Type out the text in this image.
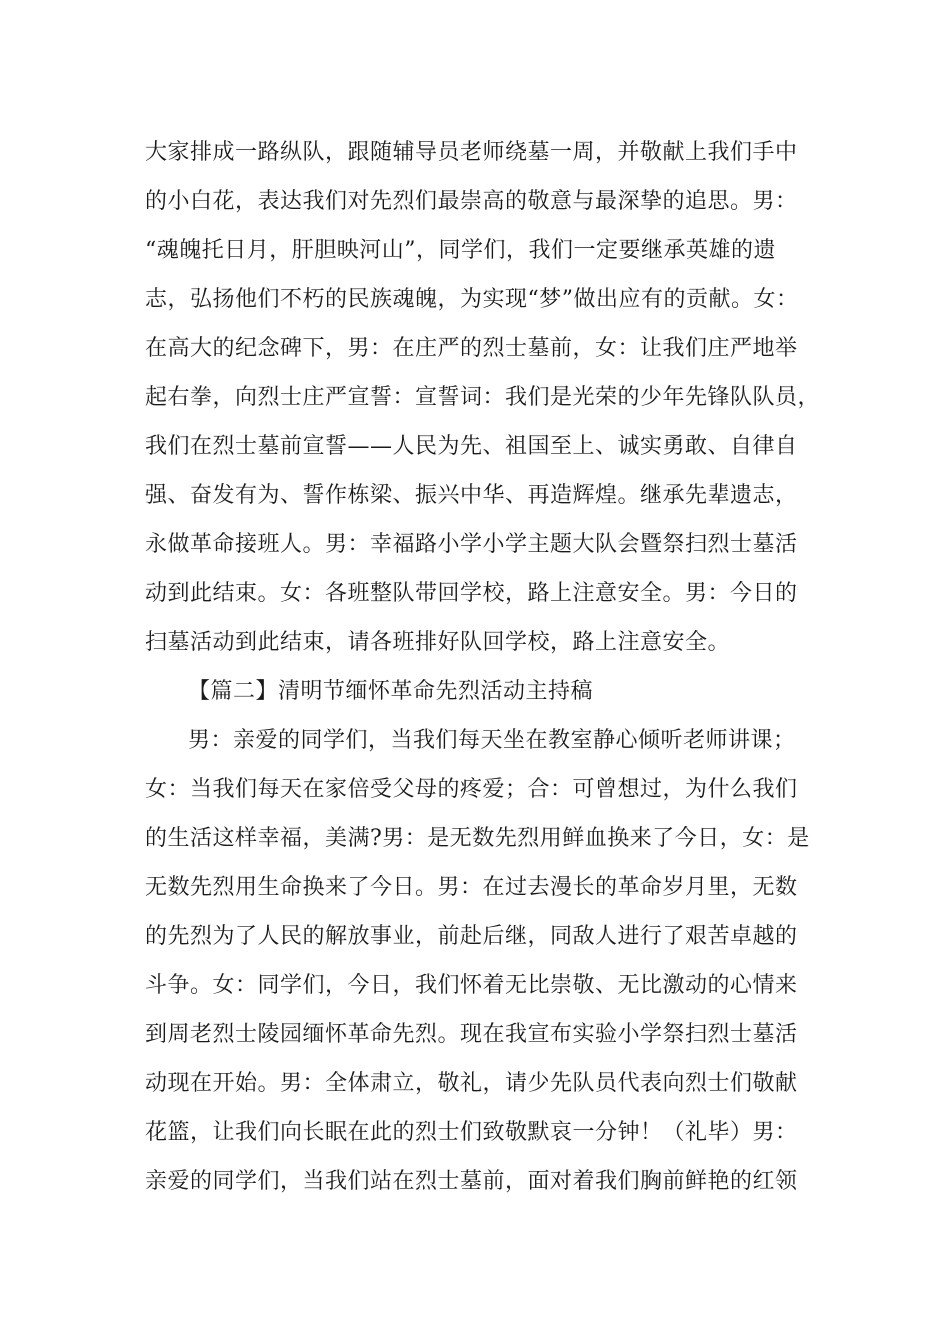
大家排成一路纵队，跟随辅导员老师绕墓一周，并敬献上我们手中

的小白花，表达我们对先烈们最崇高的敬意与最深挚的追思。男：

“魂魄托日月，肝胆映河山”，同学们，我们一定要继承英雄的遗

志，弘扬他们不朽的民族魂魄，为实现“梦”做出应有的贡献。女：

在高大的纪念碑下，男：在庄严的烈士墓前，女：让我们庄严地举

起右拳，向烈士庄严宣誓：宣誓词：我们是光荣的少年先锋队队员，

我们在烈士墓前宣誓——人民为先、祖国至上、诚实勇敢、自律自

强、奋发有为、誓作栋梁、振兴中华、再造辉煌。继承先辈遗志，

永做革命接班人。男：幸福路小学小学主题大队会暨祭扫烈士墓活

动到此结束。女：各班整队带回学校，路上注意安全。男：今日的

扫墓活动到此结束，请各班排好队回学校，路上注意安全。

【篇二】清明节缅怀革命先烈活动主持稿

男：亲爱的同学们，当我们每天坐在教室静心倾听老师讲课；

女：当我们每天在家倍受父母的疼爱；合：可曾想过，为什么我们

的生活这样幸福，美满?男：是无数先烈用鲜血换来了今日，女：是

无数先烈用生命换来了今日。男：在过去漫长的革命岁月里，无数

的先烈为了人民的解放事业，前赴后继，同敌人进行了艰苦卓越的

斗争。女：同学们，今日，我们怀着无比崇敬、无比激动的心情来

到周老烈士陵园缅怀革命先烈。现在我宣布实验小学祭扫烈士墓活

动现在开始。男：全体肃立，敬礼，请少先队员代表向烈士们敬献

花篮，让我们向长眠在此的烈士们致敬默哀一分钟！（礼毕）男：

亲爱的同学们，当我们站在烈士墓前，面对着我们胸前鲜艳的红领
